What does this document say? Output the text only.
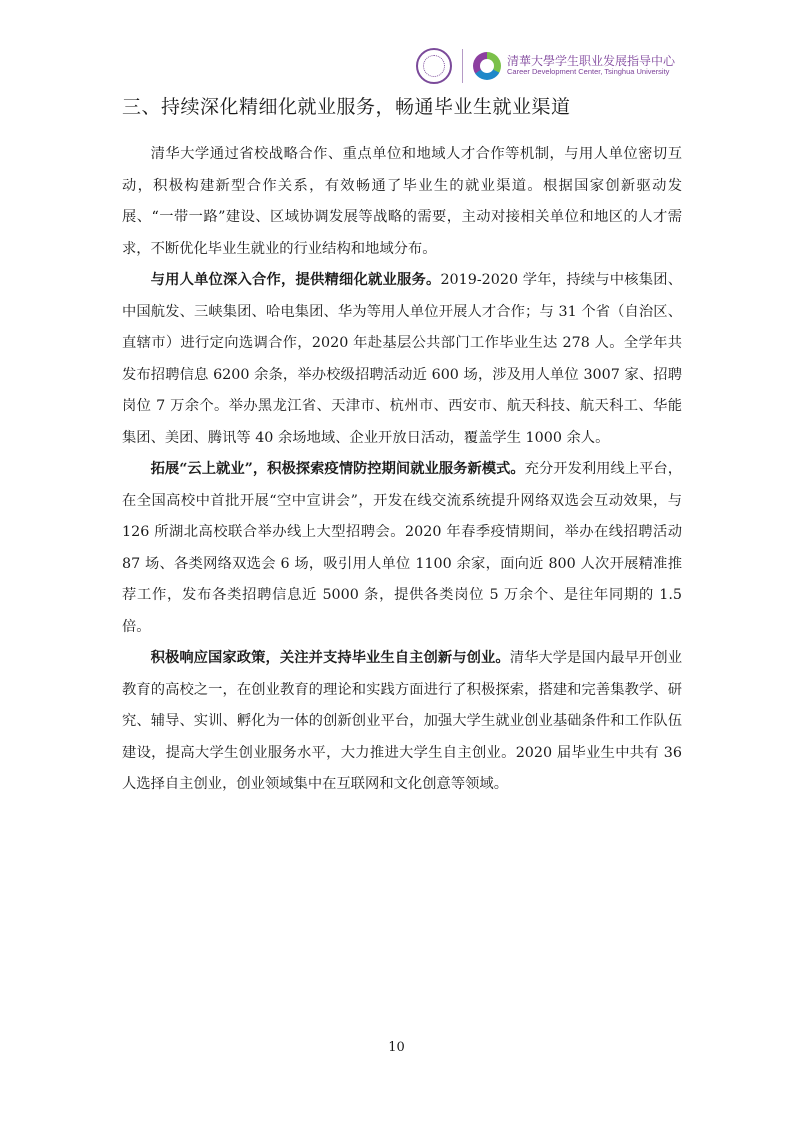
清華大學学生职业发展指导中心
Career Development Center, Tsinghua University
三、持续深化精细化就业服务，畅通毕业生就业渠道

清华大学通过省校战略合作、重点单位和地域人才合作等机制，与用人单位密切互动，积极构建新型合作关系，有效畅通了毕业生的就业渠道。根据国家创新驱动发展、“一带一路”建设、区域协调发展等战略的需要，主动对接相关单位和地区的人才需求，不断优化毕业生就业的行业结构和地域分布。

与用人单位深入合作，提供精细化就业服务。2019-2020 学年，持续与中核集团、中国航发、三峡集团、哈电集团、华为等用人单位开展人才合作；与 31 个省（自治区、直辖市）进行定向选调合作，2020 年赴基层公共部门工作毕业生达 278 人。全学年共发布招聘信息 6200 余条，举办校级招聘活动近 600 场，涉及用人单位 3007 家、招聘岗位 7 万余个。举办黑龙江省、天津市、杭州市、西安市、航天科技、航天科工、华能集团、美团、腾讯等 40 余场地域、企业开放日活动，覆盖学生 1000 余人。

拓展“云上就业”，积极探索疫情防控期间就业服务新模式。充分开发利用线上平台，在全国高校中首批开展“空中宣讲会”，开发在线交流系统提升网络双选会互动效果，与 126 所湖北高校联合举办线上大型招聘会。2020 年春季疫情期间，举办在线招聘活动 87 场、各类网络双选会 6 场，吸引用人单位 1100 余家，面向近 800 人次开展精准推荐工作，发布各类招聘信息近 5000 条，提供各类岗位 5 万余个、是往年同期的 1.5 倍。

积极响应国家政策，关注并支持毕业生自主创新与创业。清华大学是国内最早开创业教育的高校之一，在创业教育的理论和实践方面进行了积极探索，搭建和完善集教学、研究、辅导、实训、孵化为一体的创新创业平台，加强大学生就业创业基础条件和工作队伍建设，提高大学生创业服务水平，大力推进大学生自主创业。2020 届毕业生中共有 36 人选择自主创业，创业领域集中在互联网和文化创意等领域。

10
